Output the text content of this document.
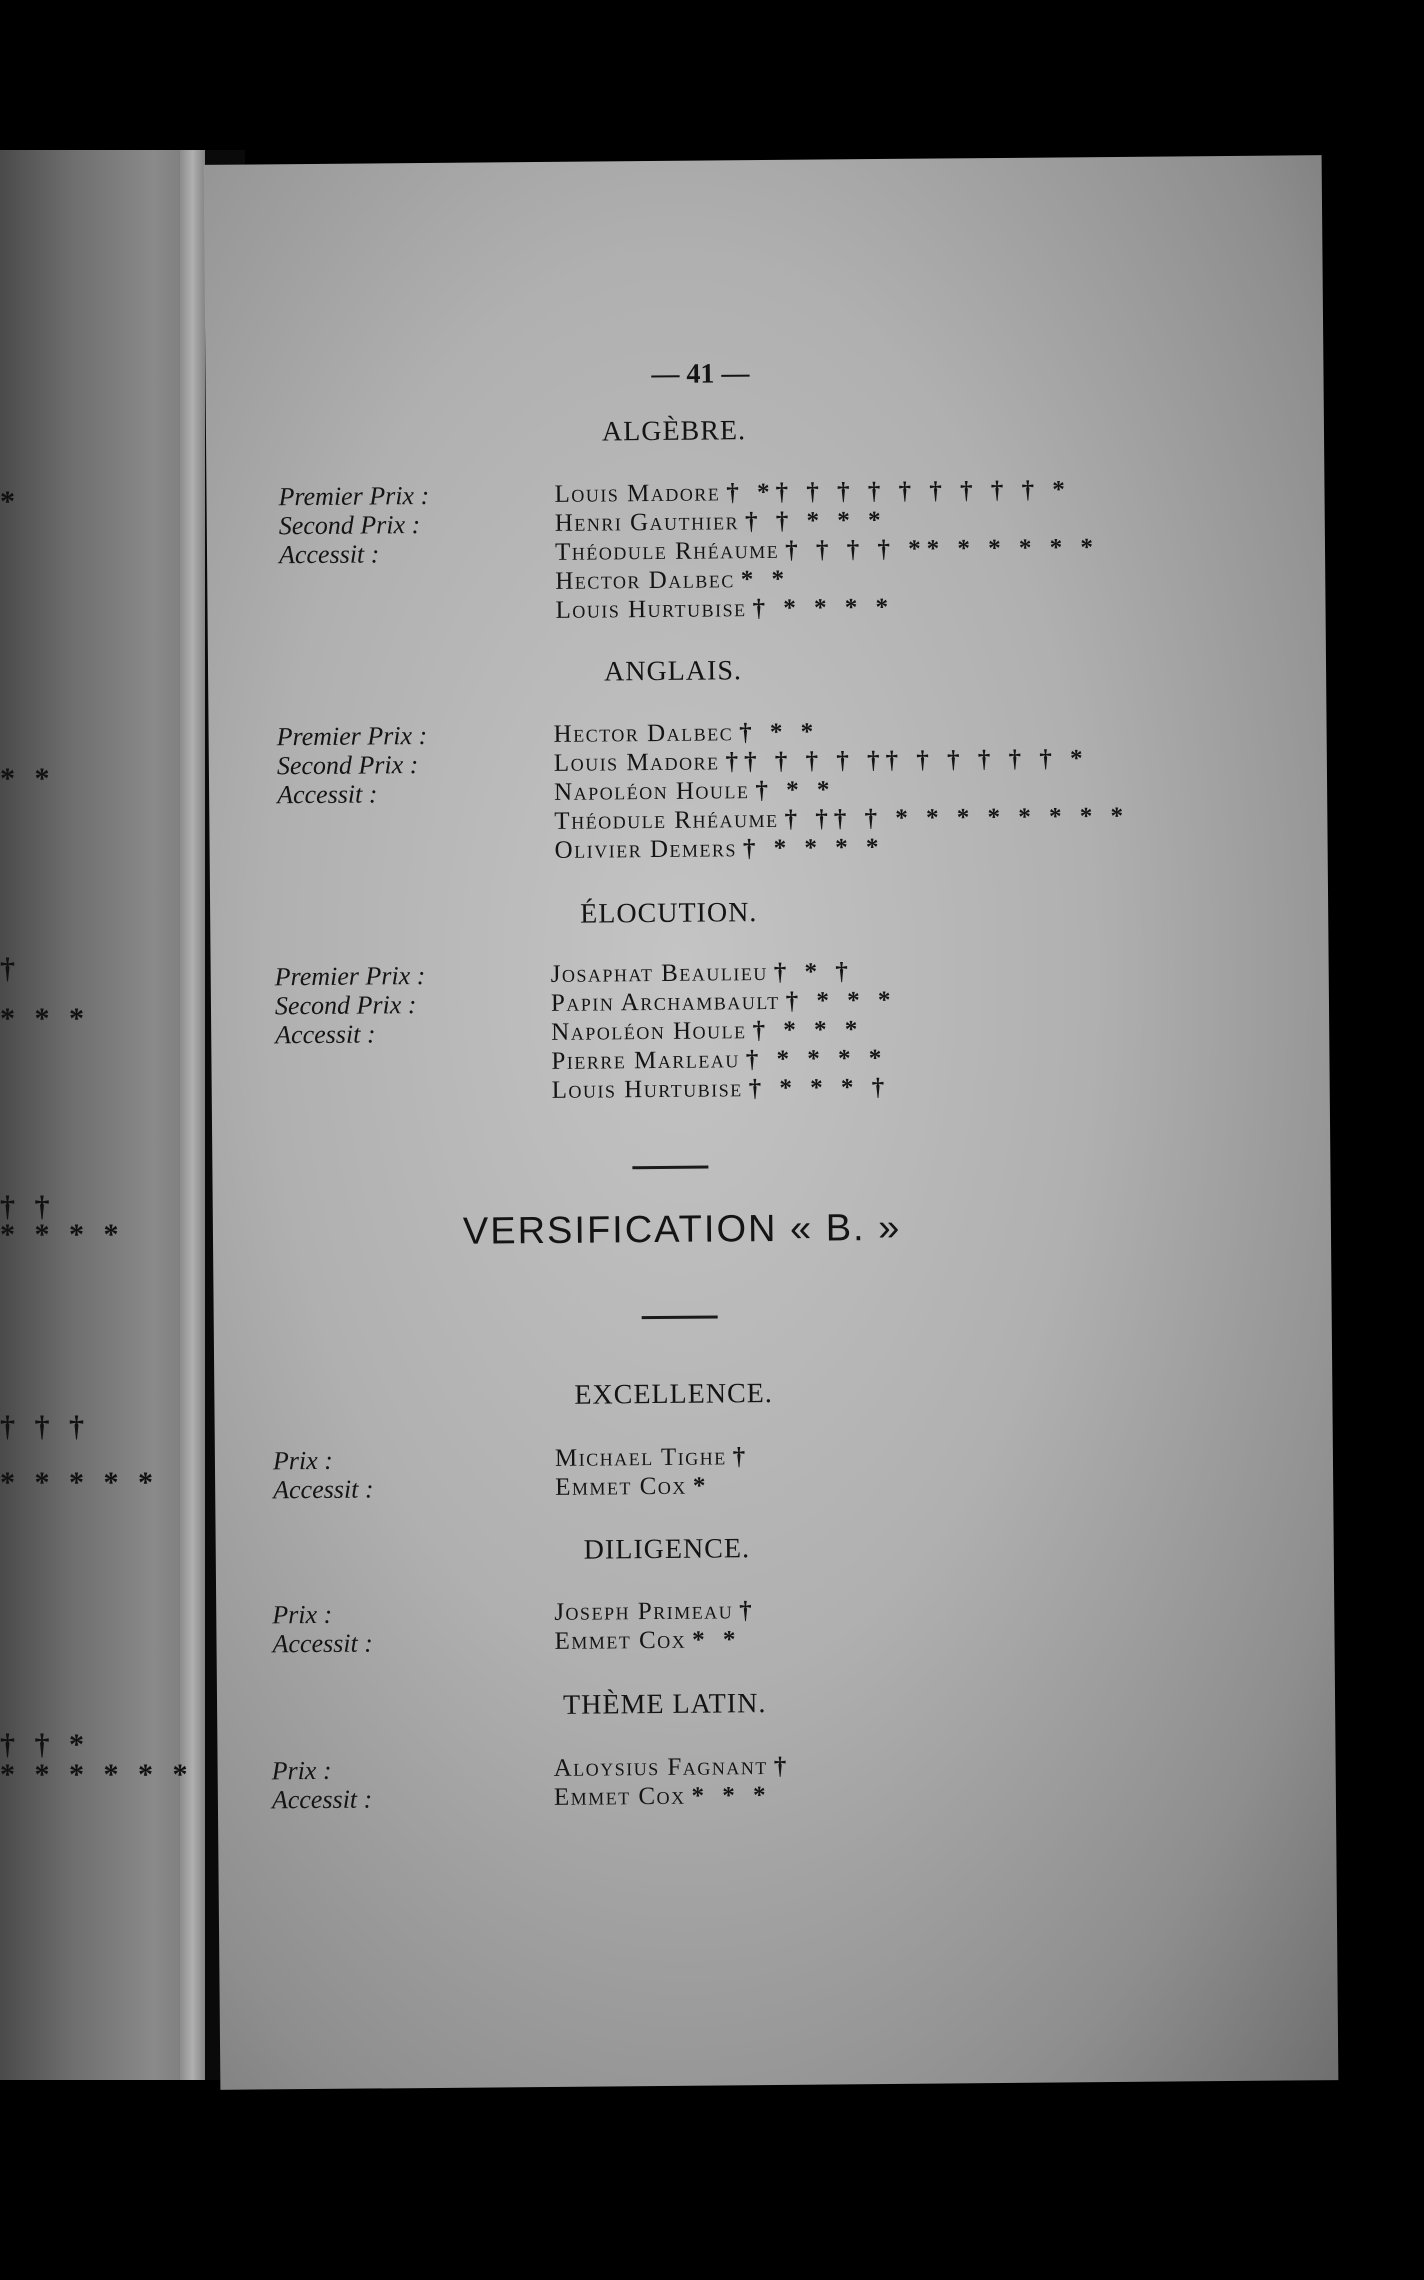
*
* *
†
* * *
† †
* * * *
† † †
* * * * *
† † *
* * * * * *
— 41 —
ALGÈBRE.
Premier Prix :
Second Prix :
Accessit :
Louis Madore † *† † † † † † † † † *
Henri Gauthier † † * * *
Théodule Rhéaume † † † † ** * * * * *
Hector Dalbec * *
Louis Hurtubise † * * * *
ANGLAIS.
Premier Prix :
Second Prix :
Accessit :
Hector Dalbec † * *
Louis Madore †† † † † †† † † † † † *
Napoléon Houle † * *
Théodule Rhéaume † †† † * * * * * * * *
Olivier Demers † * * * *
ÉLOCUTION.
Premier Prix :
Second Prix :
Accessit :
Josaphat Beaulieu † * †
Papin Archambault † * * *
Napoléon Houle † * * *
Pierre Marleau † * * * *
Louis Hurtubise † * * * †
VERSIFICATION « B. »
EXCELLENCE.
Prix :
Accessit :
Michael Tighe †
Emmet Cox *
DILIGENCE.
Prix :
Accessit :
Joseph Primeau †
Emmet Cox * *
THÈME LATIN.
Prix :
Accessit :
Aloysius Fagnant †
Emmet Cox * * *
